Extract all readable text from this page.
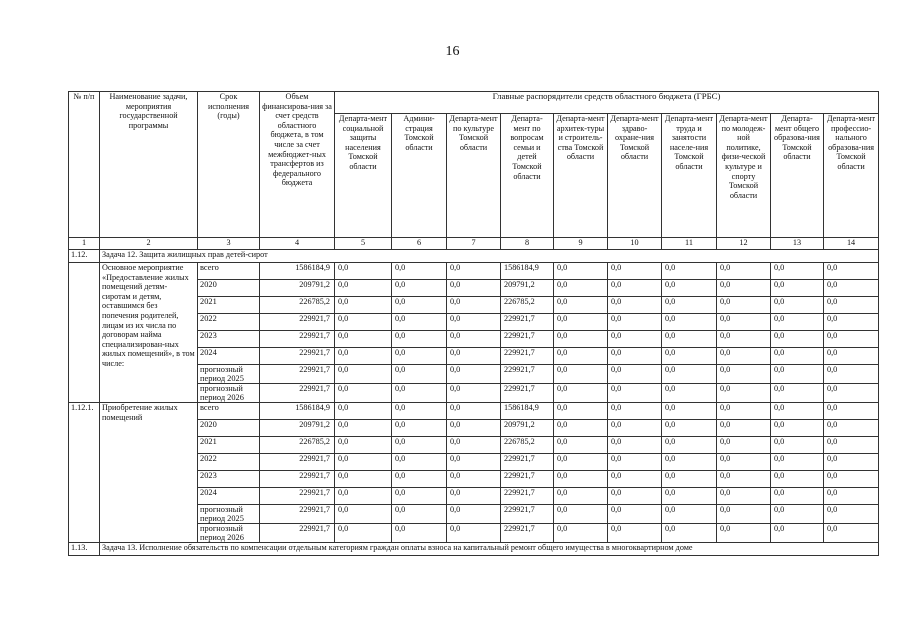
16
№ п/п	Наименование задачи, мероприятия государственной программы	Срок исполнения (годы)	Объем финансирова-ния за счет средств областного бюджета, в том числе за счет межбюджет-ных трансфертов из федерального бюджета	Главные распорядители средств областного бюджета (ГРБС)									
				Департа-мент социальной защиты населения Томской области	Админи-страция Томской области	Департа-мент по культуре Томской области	Департа-мент по вопросам семьи и детей Томской области	Департа-мент архитек-туры и строитель-ства Томской области	Департа-мент здраво-охране-ния Томской области	Департа-мент труда и занятости населе-ния Томской области	Департа-мент по молодеж-ной политике, физи-ческой культуре и спорту Томской области	Департа-мент общего образова-ния Томской области	Департа-мент профессио-нального образова-ния Томской области
1	2	3	4	5	6	7	8	9	10	11	12	13	14
1.12.	Задача 12. Защита жилищных прав детей-сирот												
	Основное мероприятие «Предоставление жилых помещений детям-сиротам и детям, оставшимся без попечения родителей, лицам из их числа по договорам найма специализирован-ных жилых помещений», в том числе:	всего	1586184,9	0,0	0,0	0,0	1586184,9	0,0	0,0	0,0	0,0	0,0	0,0
		2020	209791,2	0,0	0,0	0,0	209791,2	0,0	0,0	0,0	0,0	0,0	0,0
		2021	226785,2	0,0	0,0	0,0	226785,2	0,0	0,0	0,0	0,0	0,0	0,0
		2022	229921,7	0,0	0,0	0,0	229921,7	0,0	0,0	0,0	0,0	0,0	0,0
		2023	229921,7	0,0	0,0	0,0	229921,7	0,0	0,0	0,0	0,0	0,0	0,0
		2024	229921,7	0,0	0,0	0,0	229921,7	0,0	0,0	0,0	0,0	0,0	0,0
		прогнозный период 2025	229921,7	0,0	0,0	0,0	229921,7	0,0	0,0	0,0	0,0	0,0	0,0
		прогнозный период 2026	229921,7	0,0	0,0	0,0	229921,7	0,0	0,0	0,0	0,0	0,0	0,0
1.12.1.	Приобретение жилых помещений	всего	1586184,9	0,0	0,0	0,0	1586184,9	0,0	0,0	0,0	0,0	0,0	0,0
		2020	209791,2	0,0	0,0	0,0	209791,2	0,0	0,0	0,0	0,0	0,0	0,0
		2021	226785,2	0,0	0,0	0,0	226785,2	0,0	0,0	0,0	0,0	0,0	0,0
		2022	229921,7	0,0	0,0	0,0	229921,7	0,0	0,0	0,0	0,0	0,0	0,0
		2023	229921,7	0,0	0,0	0,0	229921,7	0,0	0,0	0,0	0,0	0,0	0,0
		2024	229921,7	0,0	0,0	0,0	229921,7	0,0	0,0	0,0	0,0	0,0	0,0
		прогнозный период 2025	229921,7	0,0	0,0	0,0	229921,7	0,0	0,0	0,0	0,0	0,0	0,0
		прогнозный период 2026	229921,7	0,0	0,0	0,0	229921,7	0,0	0,0	0,0	0,0	0,0	0,0
1.13.	Задача 13. Исполнение обязательств по компенсации отдельным категориям граждан оплаты взноса на капитальный ремонт общего имущества в многоквартирном доме												
